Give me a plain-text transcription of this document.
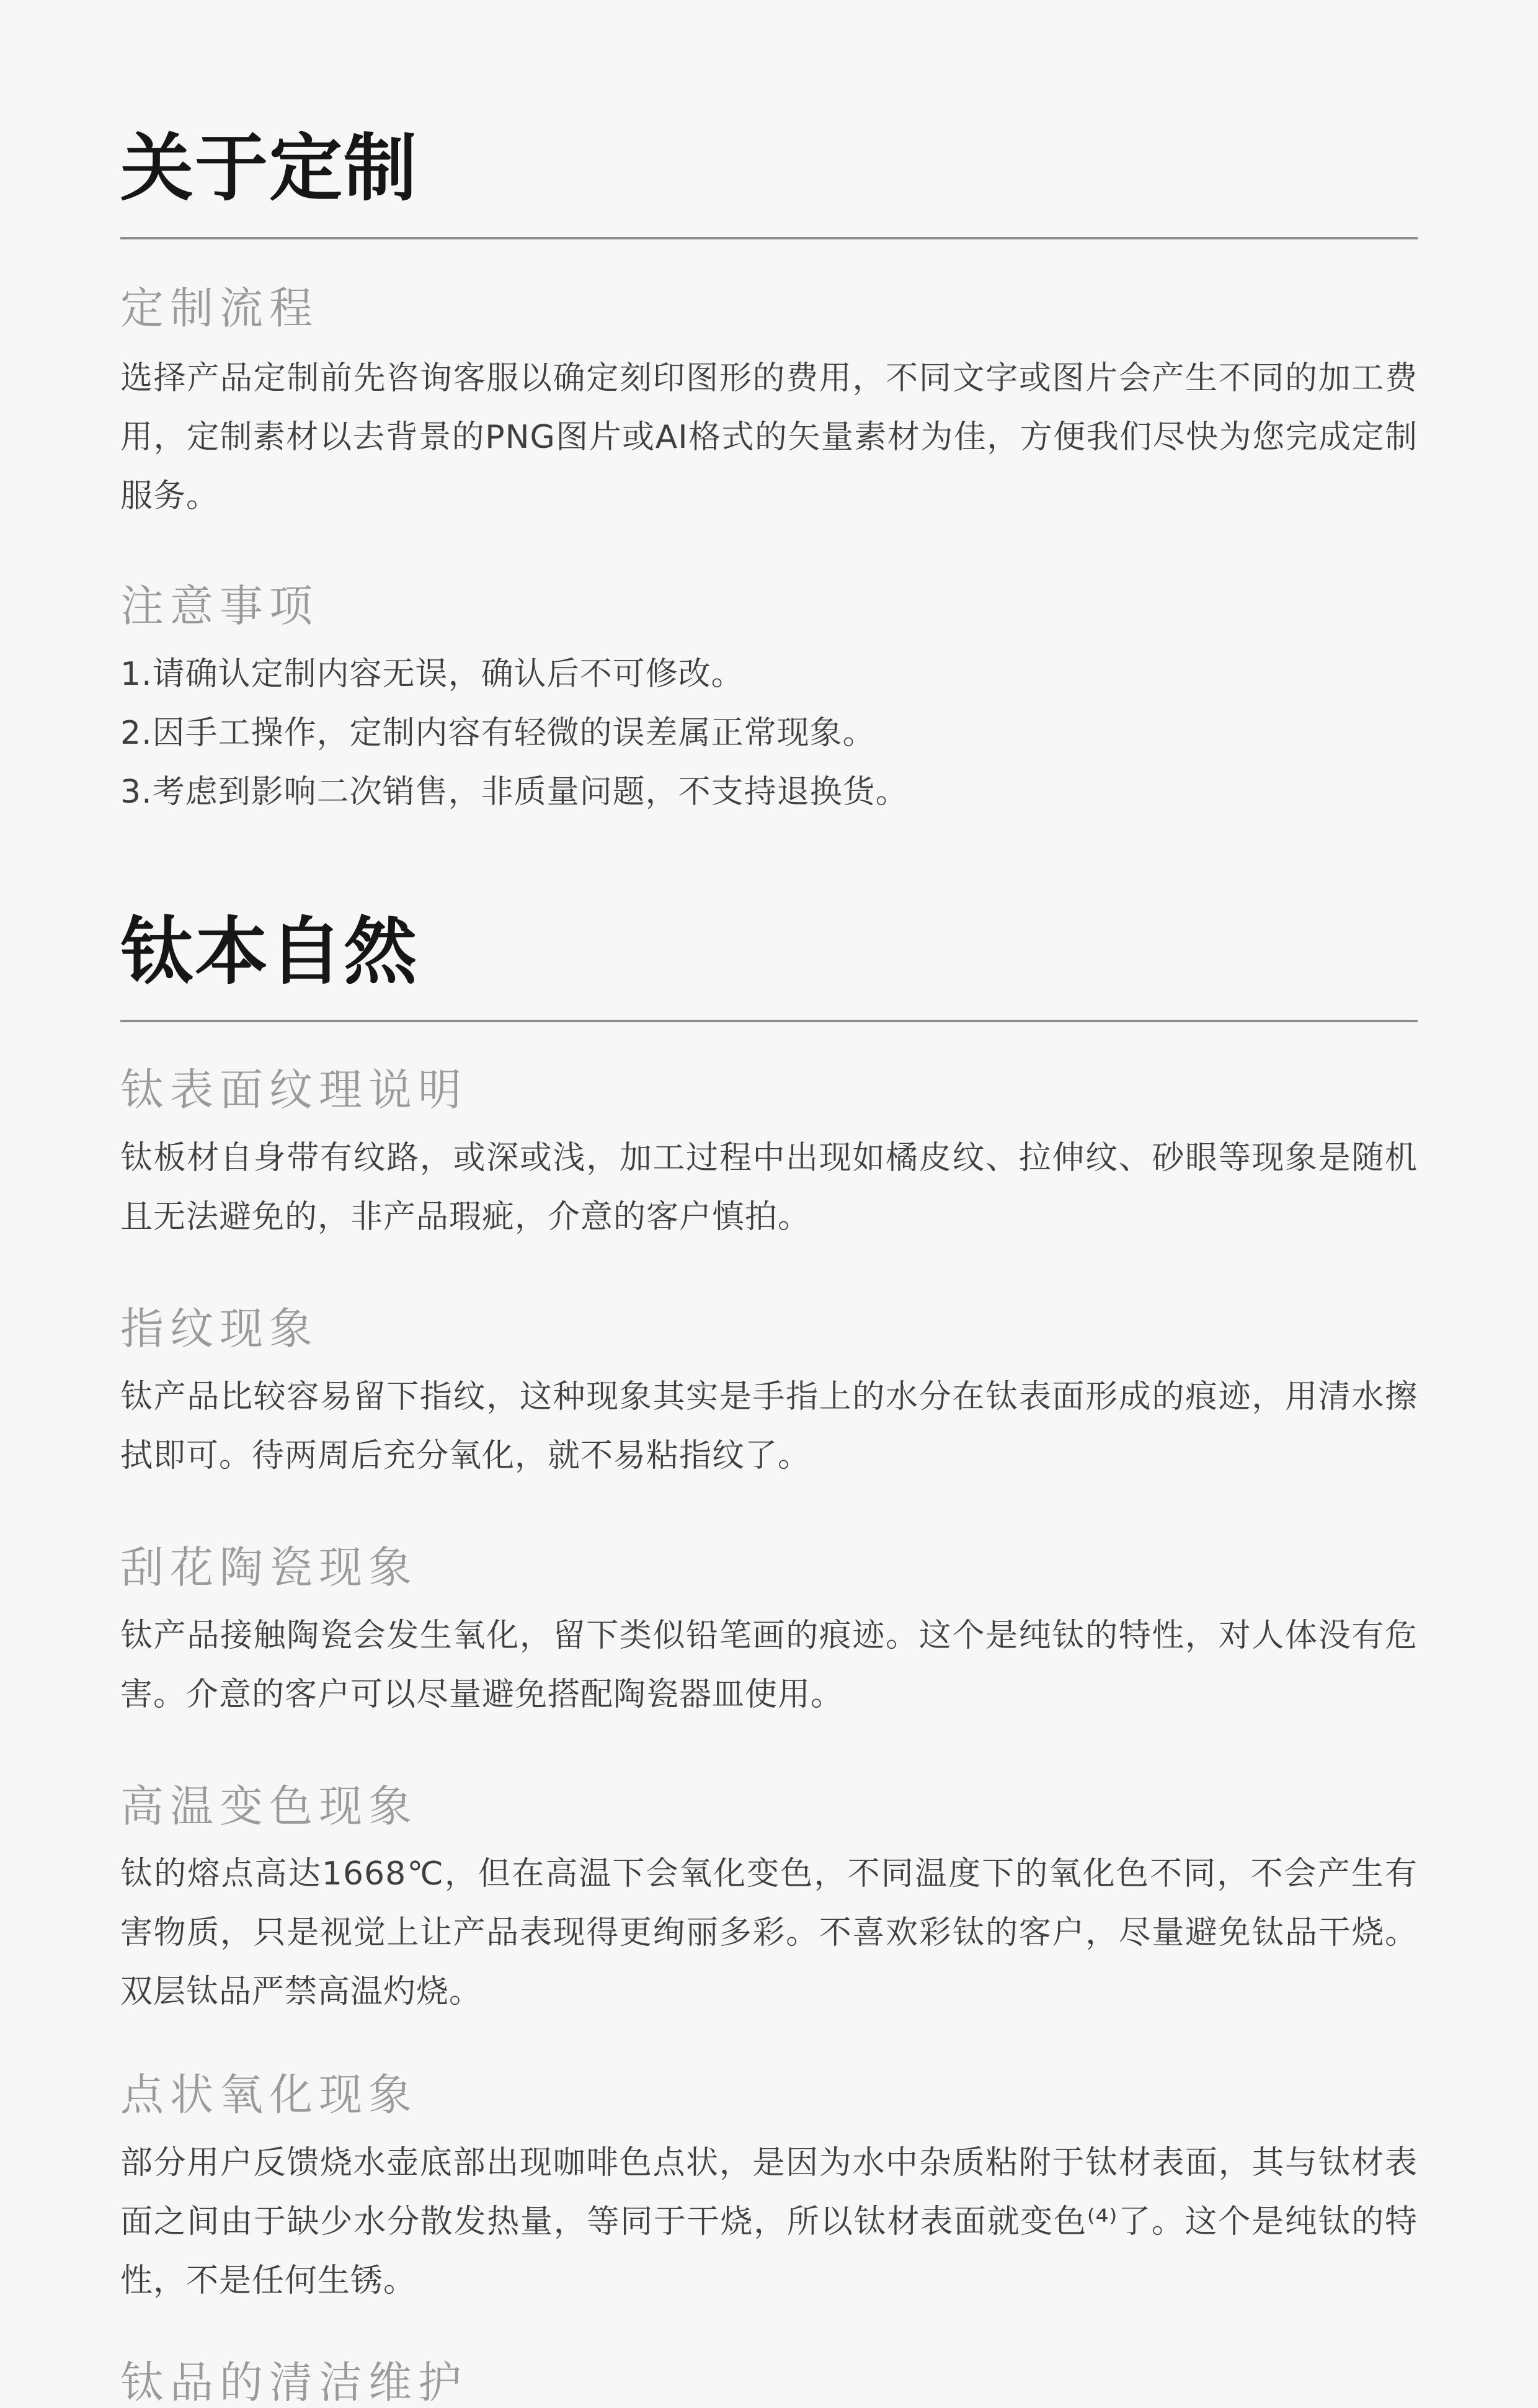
关于定制
定制流程

选择产品定制前先咨询客服以确定刻印图形的费用，不同文字或图片会产生不同的加工费用，定制素材以去背景的PNG图片或AI格式的矢量素材为佳，方便我们尽快为您完成定制服务。

注意事项

1.请确认定制内容无误，确认后不可修改。

2.因手工操作，定制内容有轻微的误差属正常现象。

3.考虑到影响二次销售，非质量问题，不支持退换货。

钛本自然
钛表面纹理说明

钛板材自身带有纹路，或深或浅，加工过程中出现如橘皮纹、拉伸纹、砂眼等现象是随机且无法避免的，非产品瑕疵，介意的客户慎拍。

指纹现象

钛产品比较容易留下指纹，这种现象其实是手指上的水分在钛表面形成的痕迹，用清水擦拭即可。待两周后充分氧化，就不易粘指纹了。

刮花陶瓷现象

钛产品接触陶瓷会发生氧化，留下类似铅笔画的痕迹。这个是纯钛的特性，对人体没有危害。介意的客户可以尽量避免搭配陶瓷器皿使用。

高温变色现象

钛的熔点高达1668℃，但在高温下会氧化变色，不同温度下的氧化色不同，不会产生有害物质，只是视觉上让产品表现得更绚丽多彩。不喜欢彩钛的客户，尽量避免钛品干烧。双层钛品严禁高温灼烧。

点状氧化现象

部分用户反馈烧水壶底部出现咖啡色点状，是因为水中杂质粘附于钛材表面，其与钛材表面之间由于缺少水分散发热量，等同于干烧，所以钛材表面就变色⁽⁴⁾了。这个是纯钛的特性，不是任何生锈。

钛品的清洁维护
